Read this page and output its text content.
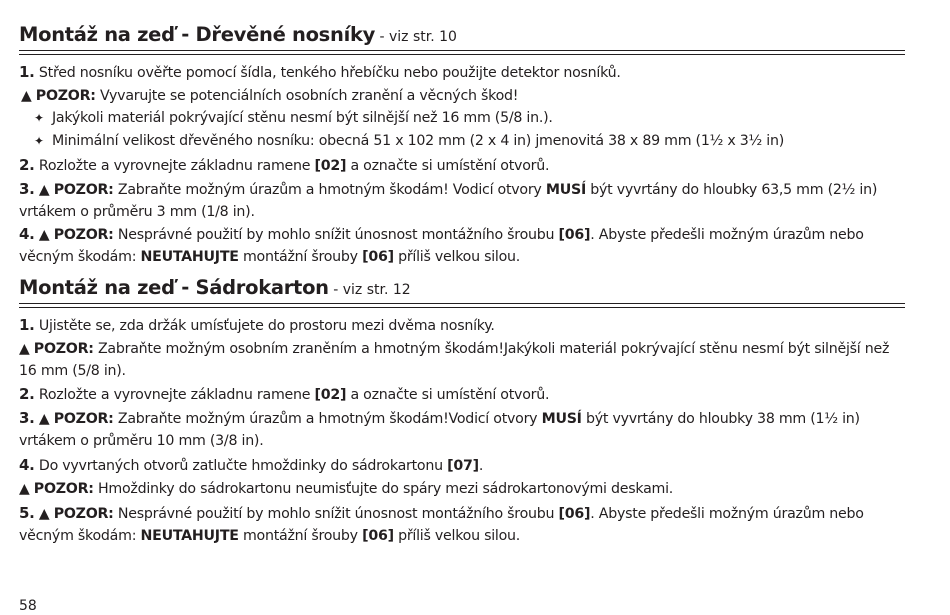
Montáž na zeď - Dřevěné nosníky - viz str. 10

1. Střed nosníku ověřte pomocí šídla, tenkého hřebíčku nebo použijte detektor nosníků.

▲ POZOR: Vyvarujte se potenciálních osobních zranění a věcných škod!

✦ Jakýkoli materiál pokrývající stěnu nesmí být silnější než 16 mm (5/8 in.).

✦ Minimální velikost dřevěného nosníku: obecná 51 x 102 mm (2 x 4 in) jmenovitá 38 x 89 mm (1½ x 3½ in)

2. Rozložte a vyrovnejte základnu ramene [02] a označte si umístění otvorů.

3. ▲ POZOR: Zabraňte možným úrazům a hmotným škodám! Vodicí otvory MUSÍ být vyvrtány do hloubky 63,5 mm (2½ in) vrtákem o průměru 3 mm (1/8 in).

4. ▲ POZOR: Nesprávné použití by mohlo snížit únosnost montážního šroubu [06]. Abyste předešli možným úrazům nebo věcným škodám: NEUTAHUJTE montážní šrouby [06] příliš velkou silou.

Montáž na zeď - Sádrokarton - viz str. 12

1. Ujistěte se, zda držák umísťujete do prostoru mezi dvěma nosníky.

▲ POZOR: Zabraňte možným osobním zraněním a hmotným škodám!Jakýkoli materiál pokrývající stěnu nesmí být silnější než 16 mm (5/8 in).

2. Rozložte a vyrovnejte základnu ramene [02] a označte si umístění otvorů.

3. ▲ POZOR: Zabraňte možným úrazům a hmotným škodám!Vodicí otvory MUSÍ být vyvrtány do hloubky 38 mm (1½ in) vrtákem o průměru 10 mm (3/8 in).

4. Do vyvrtaných otvorů zatlučte hmoždinky do sádrokartonu [07].

▲ POZOR: Hmoždinky do sádrokartonu neumisťujte do spáry mezi sádrokartonovými deskami.

5. ▲ POZOR: Nesprávné použití by mohlo snížit únosnost montážního šroubu [06]. Abyste předešli možným úrazům nebo věcným škodám: NEUTAHUJTE montážní šrouby [06] příliš velkou silou.

58
